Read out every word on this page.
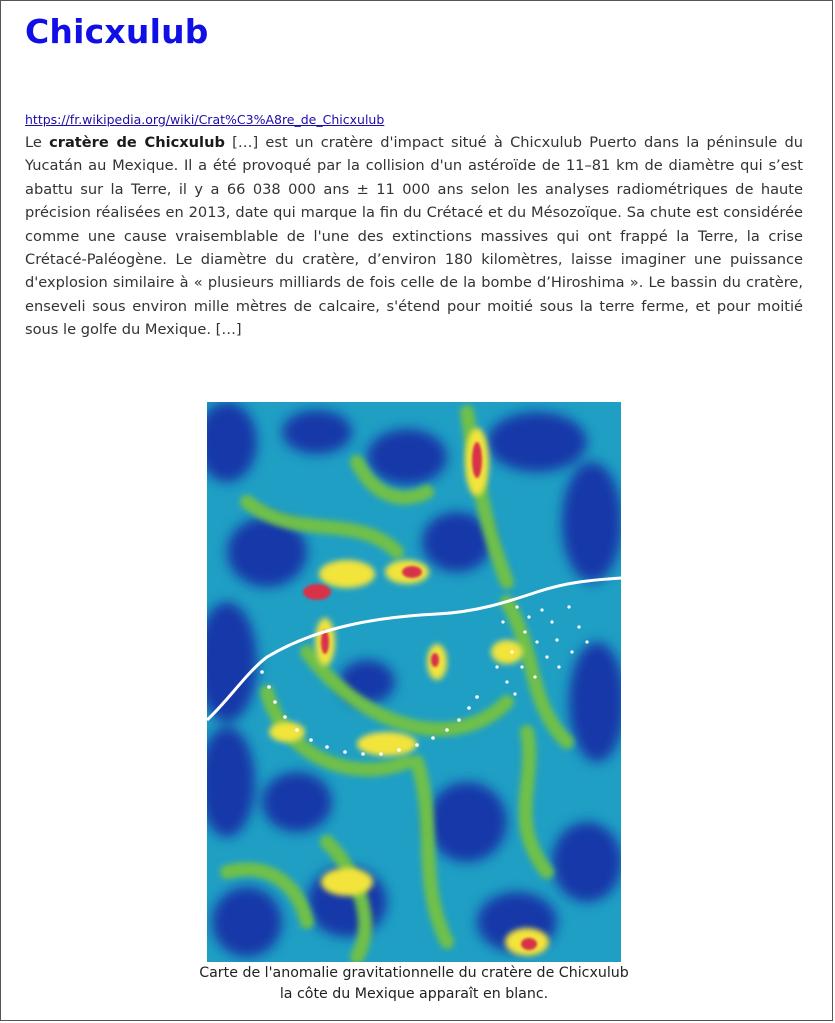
Chicxulub
https://fr.wikipedia.org/wiki/Crat%C3%A8re_de_Chicxulub

Le cratère de Chicxulub […] est un cratère d'impact situé à Chicxulub Puerto dans la péninsule du Yucatán au Mexique. Il a été provoqué par la collision d'un astéroïde de 11–81 km de diamètre qui s’est abattu sur la Terre, il y a 66 038 000 ans ± 11 000 ans selon les analyses radiométriques de haute précision réalisées en 2013, date qui marque la fin du Crétacé et du Mésozoïque. Sa chute est considérée comme une cause vraisemblable de l'une des extinctions massives qui ont frappé la Terre, la crise Crétacé-Paléogène. Le diamètre du cratère, d’environ 180 kilomètres, laisse imaginer une puissance d'explosion similaire à « plusieurs milliards de fois celle de la bombe d’Hiroshima ». Le bassin du cratère, enseveli sous environ mille mètres de calcaire, s'étend pour moitié sous la terre ferme, et pour moitié sous le golfe du Mexique. […]

Carte de l'anomalie gravitationnelle du cratère de Chicxulub
la côte du Mexique apparaît en blanc.
